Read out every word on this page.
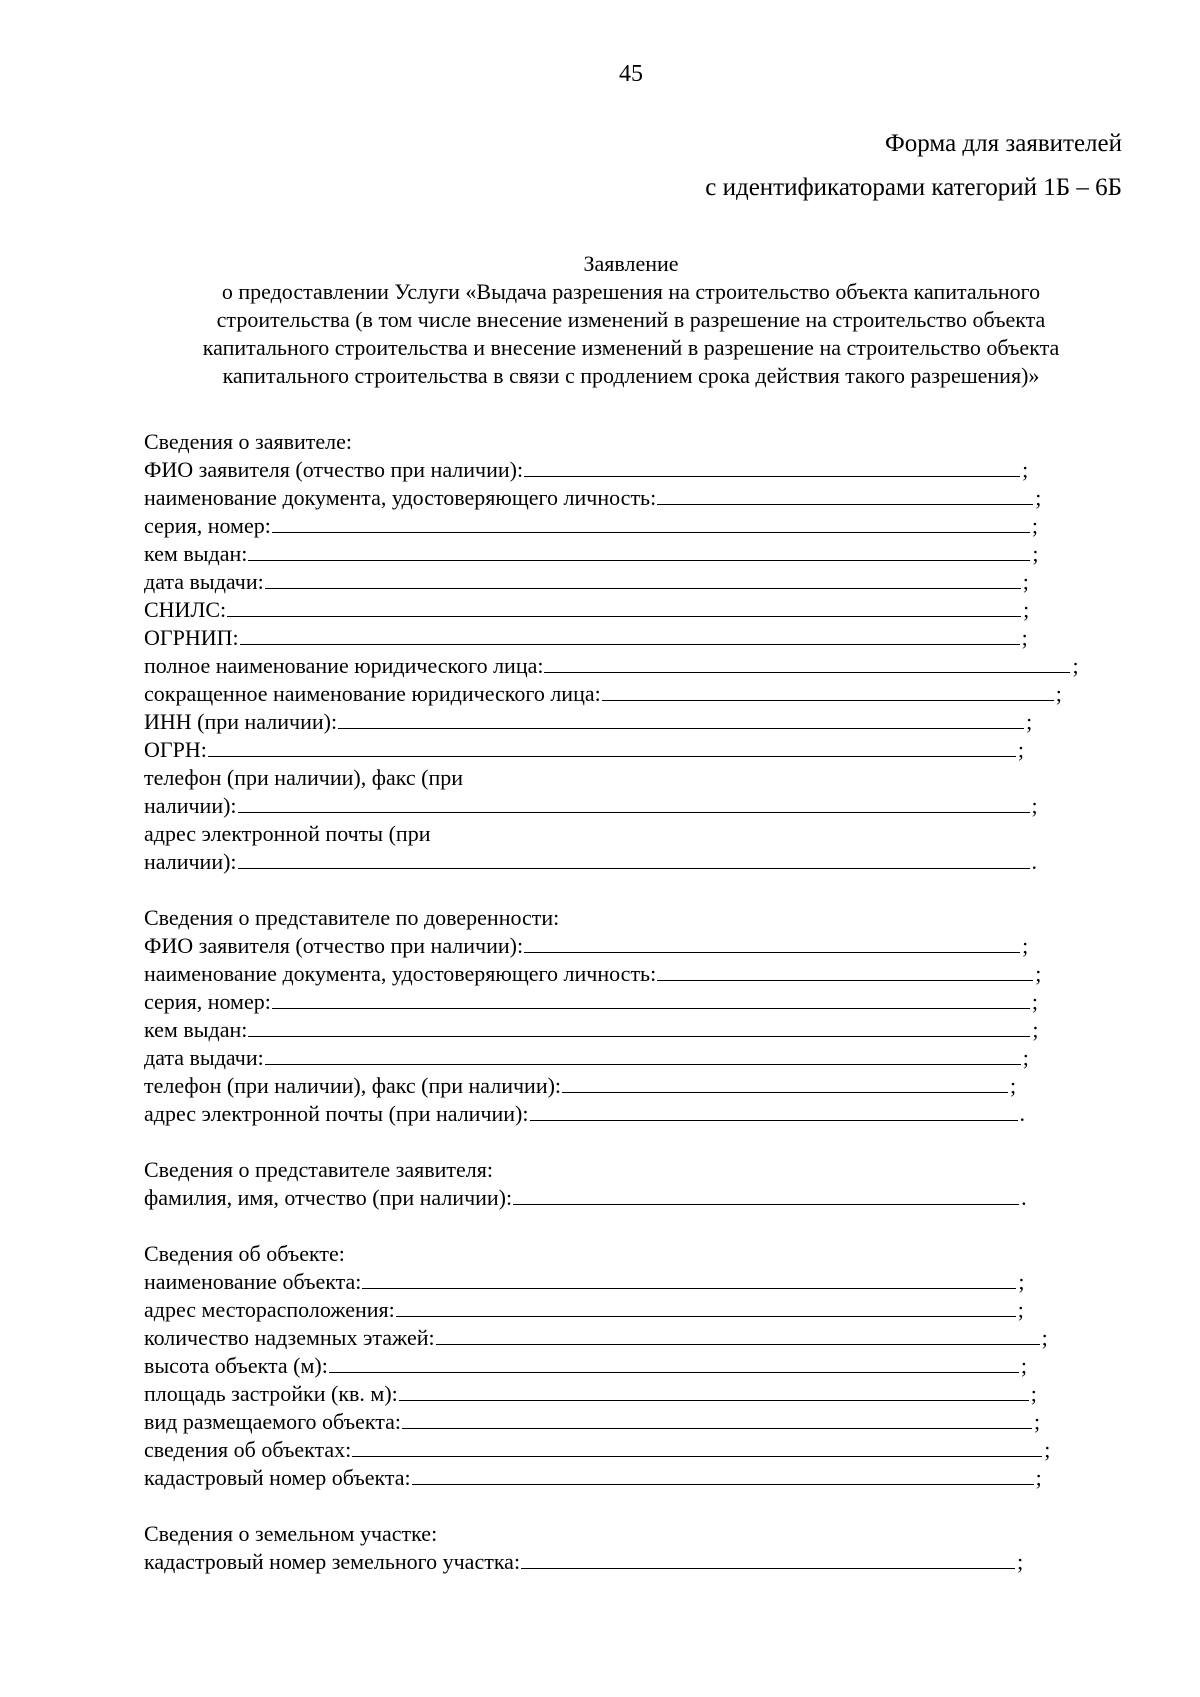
45
Форма для заявителей
с идентификаторами категорий 1Б – 6Б
Заявление
о предоставлении Услуги «Выдача разрешения на строительство объекта капитального
строительства (в том числе внесение изменений в разрешение на строительство объекта
капитального строительства и внесение изменений в разрешение на строительство объекта
капитального строительства в связи с продлением срока действия такого разрешения)»
Сведения о заявителе:
ФИО заявителя (отчество при наличии):	;
наименование документа, удостоверяющего личность:	;
серия, номер:	;
кем выдан:	;
дата выдачи:	;
СНИЛС:	;
ОГРНИП:	;
полное наименование юридического лица:	;
сокращенное наименование юридического лица:	;
ИНН (при наличии):	;
ОГРН:	;
телефон (при наличии), факс (при
наличии):	;
адрес электронной почты (при
наличии):	.
Сведения о представителе по доверенности:
ФИО заявителя (отчество при наличии):	;
наименование документа, удостоверяющего личность:	;
серия, номер:	;
кем выдан:	;
дата выдачи:	;
телефон (при наличии), факс (при наличии):	;
адрес электронной почты (при наличии):	.
Сведения о представителе заявителя:
фамилия, имя, отчество (при наличии):	.
Сведения об объекте:
наименование объекта:	;
адрес месторасположения:	;
количество надземных этажей:	;
высота объекта (м):	;
площадь застройки (кв. м):	;
вид размещаемого объекта:	;
сведения об объектах:	;
кадастровый номер объекта:	;
Сведения о земельном участке:
кадастровый номер земельного участка:	;
